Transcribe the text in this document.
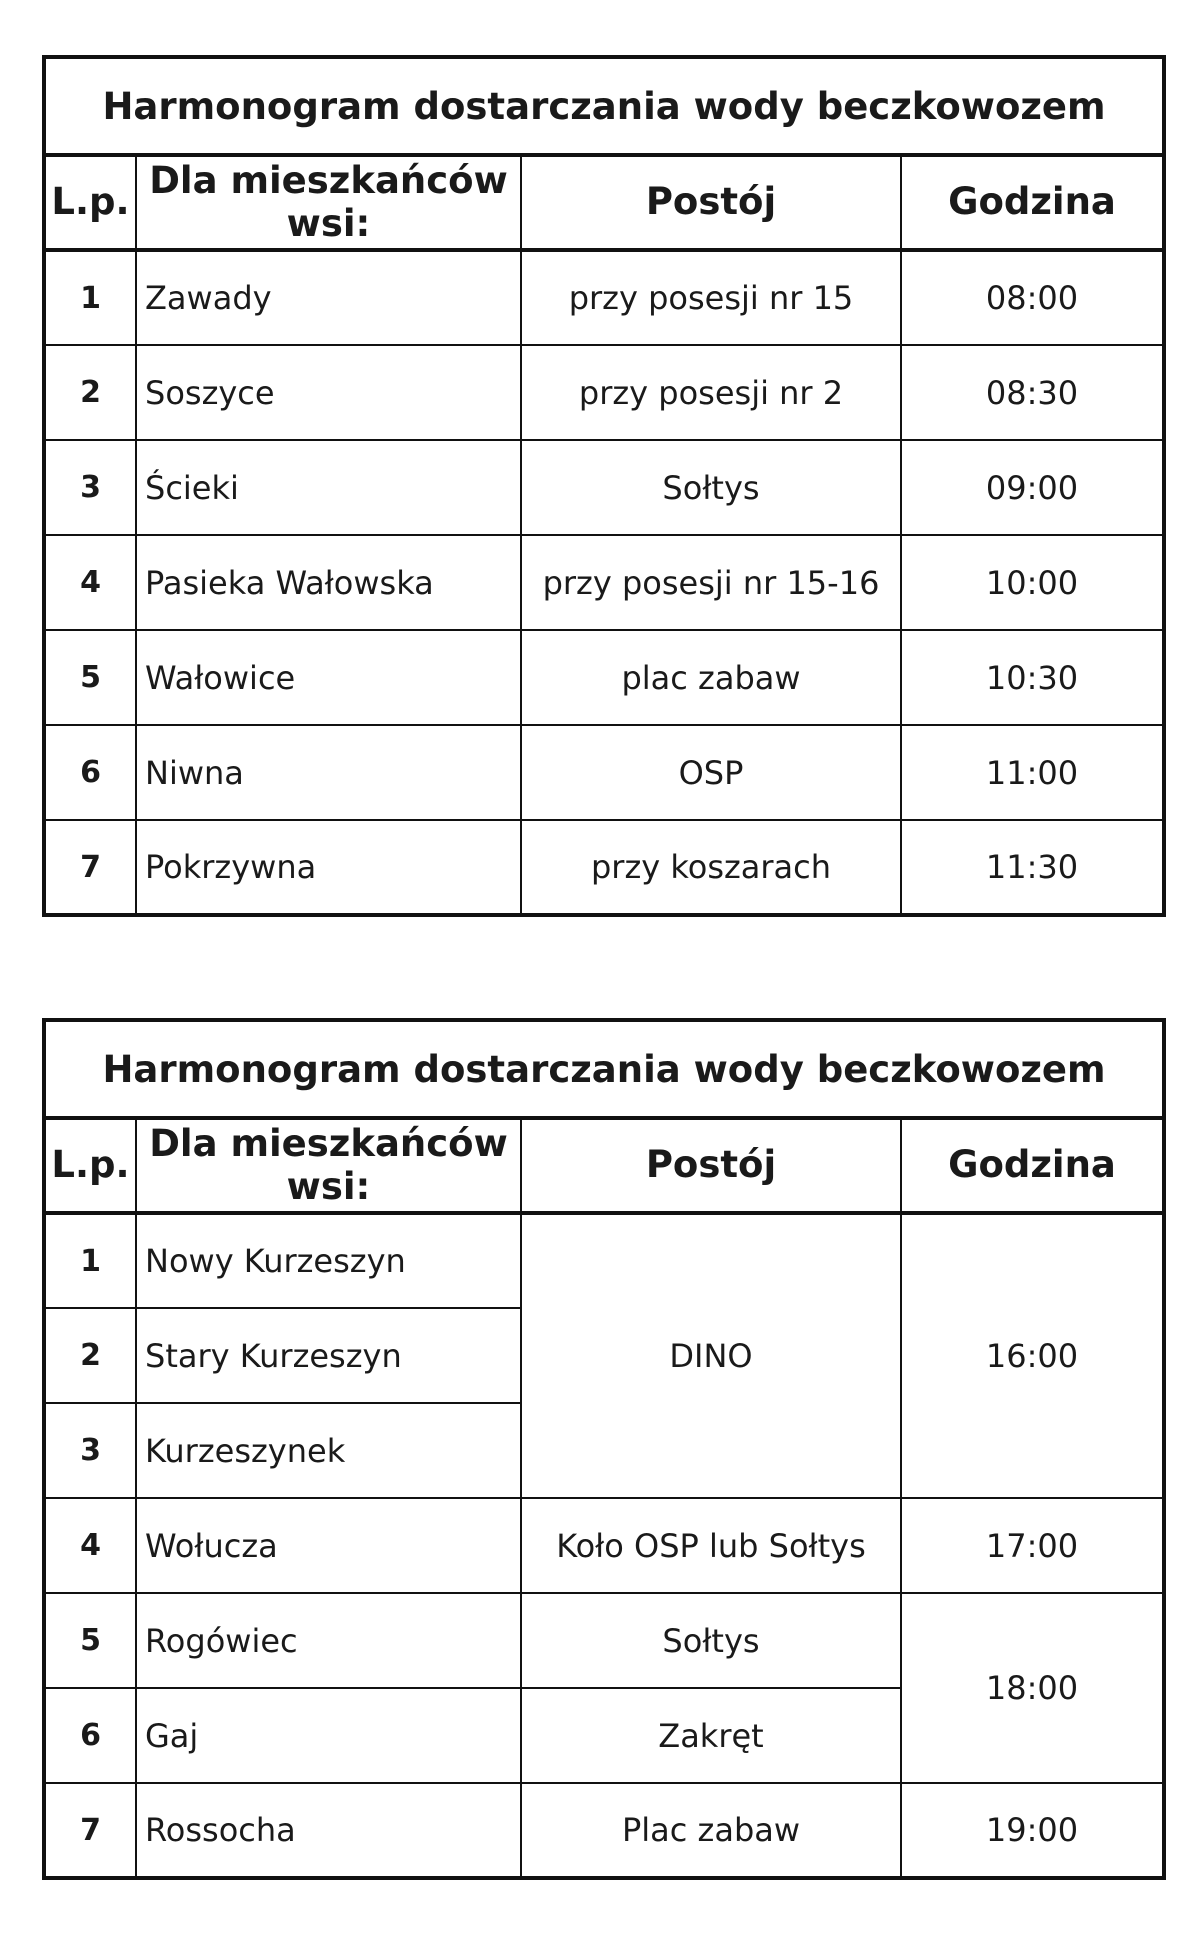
Harmonogram dostarczania wody beczkowozem			
L.p.	Dla mieszkańców wsi:	Postój	Godzina
1	Zawady	przy posesji nr 15	08:00
2	Soszyce	przy posesji nr 2	08:30
3	Ścieki	Sołtys	09:00
4	Pasieka Wałowska	przy posesji nr 15-16	10:00
5	Wałowice	plac zabaw	10:30
6	Niwna	OSP	11:00
7	Pokrzywna	przy koszarach	11:30
Harmonogram dostarczania wody beczkowozem			
L.p.	Dla mieszkańców wsi:	Postój	Godzina
1	Nowy Kurzeszyn	DINO	16:00
2	Stary Kurzeszyn		
3	Kurzeszynek		
4	Wołucza	Koło OSP lub Sołtys	17:00
5	Rogówiec	Sołtys	18:00
6	Gaj	Zakręt	
7	Rossocha	Plac zabaw	19:00
